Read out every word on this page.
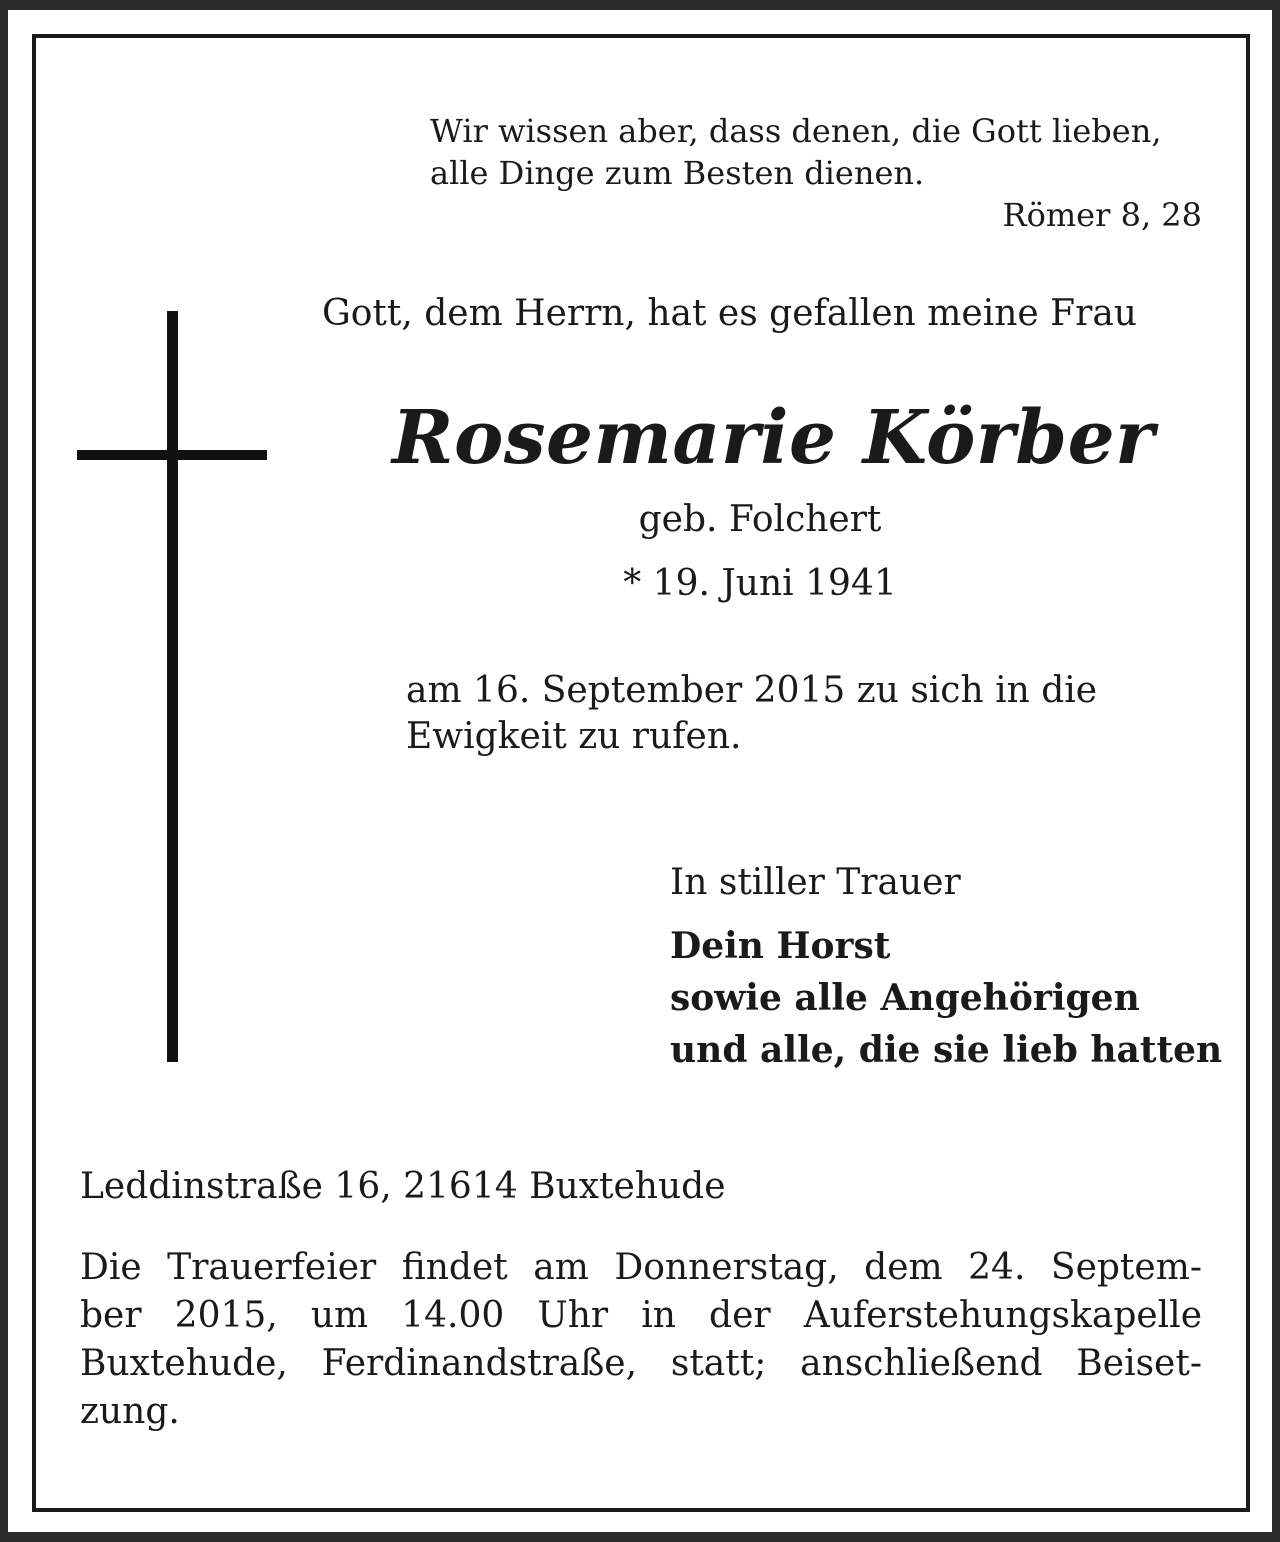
Wir wissen aber, dass denen, die Gott lieben,
alle Dinge zum Besten dienen.
Römer 8, 28
Gott, dem Herrn, hat es gefallen meine Frau
Rosemarie Körber
geb. Folchert
* 19. Juni 1941
am 16. September 2015 zu sich in die
Ewigkeit zu rufen.
In stiller Trauer
Dein Horst
sowie alle Angehörigen
und alle, die sie lieb hatten
Leddinstraße 16, 21614 Buxtehude
Die Trauerfeier findet am Donnerstag, dem 24. Septem-
ber 2015, um 14.00 Uhr in der Auferstehungskapelle
Buxtehude, Ferdinandstraße, statt; anschließend Beiset-
zung.
